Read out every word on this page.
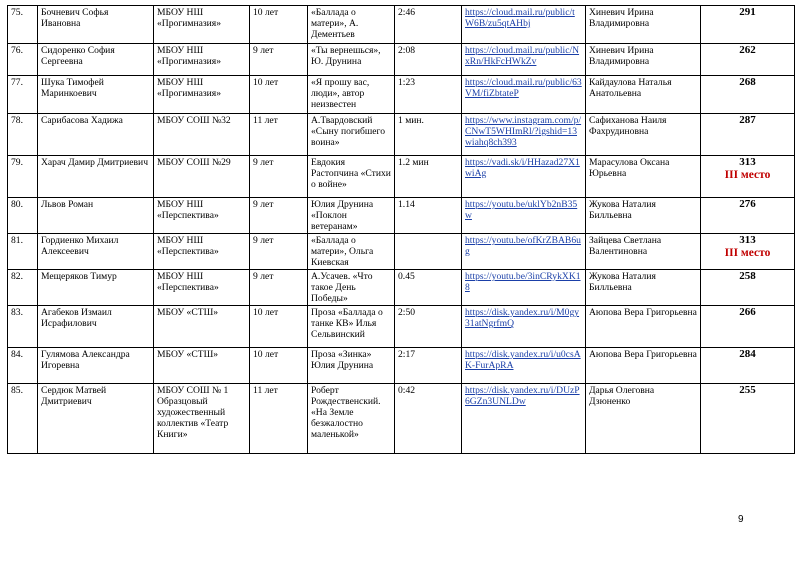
75.	Бочневич Софья Ивановна	МБОУ НШ «Прогимназия»	10 лет	«Баллада о матери», А. Дементьев	2:46	https://cloud.mail.ru/public/tW6B/zu5qtAHbj	Хиневич Ирина Владимировна	291
76.	Сидоренко София Сергеевна	МБОУ НШ «Прогимназия»	9 лет	«Ты вернешься», Ю. Друнина	2:08	https://cloud.mail.ru/public/NxRn/HkFcHWkZv	Хиневич Ирина Владимировна	262
77.	Шука Тимофей Маринкоевич	МБОУ НШ «Прогимназия»	10 лет	«Я прошу вас, люди», автор неизвестен	1:23	https://cloud.mail.ru/public/63VM/fiZbtateP	Кайдаулова Наталья Анатольевна	268
78.	Сарибасова Хадижа	МБОУ СОШ №32	11 лет	А.Твардовский «Сыну погибшего воина»	1 мин.	https://www.instagram.com/p/CNwT5WHImRl/?igshid=13wiahq8ch393	Сафиханова Наиля Фахрудиновна	287
79.	Харач Дамир Дмитриевич	МБОУ СОШ №29	9 лет	Евдокия Растопчина «Стихи о войне»	1.2 мин	https://vadi.sk/i/HHazad27X1wiAg	Марасулова Оксана Юрьевна	313
III место

80.	Львов Роман	МБОУ НШ «Перспектива»	9 лет	Юлия Друнина «Поклон ветеранам»	1.14	https://youtu.be/uklYb2nB35w	Жукова Наталия Билльевна	276
81.	Гордиенко Михаил Алексеевич	МБОУ НШ «Перспектива»	9 лет	«Баллада о матери», Ольга Киевская		https://youtu.be/ofKrZBAB6ug	Зайцева Светлана Валентиновна	313
III место

82.	Мещеряков Тимур	МБОУ НШ «Перспектива»	9 лет	А.Усачев. «Что такое День Победы»	0.45	https://youtu.be/3inCRykXK18	Жукова Наталия Билльевна	258
83.	Агабеков Измаил Исрафилович	МБОУ «СТШ»	10 лет	Проза «Баллада о танке КВ» Илья Сельвинский	2:50	https://disk.yandex.ru/i/M0gy31atNgrfmQ	Аюпова Вера Григорьевна	266
84.	Гулямова Александра Игоревна	МБОУ «СТШ»	10 лет	Проза «Зинка» Юлия Друнина	2:17	https://disk.yandex.ru/i/u0csAK-FurApRA	Аюпова Вера Григорьевна	284
85.	Сердюк Матвей Дмитриевич	МБОУ СОШ № 1 Образцовый художественный коллектив «Театр Книги»	11 лет	Роберт Рождественский. «На Земле безжалостно маленькой»	0:42	https://disk.yandex.ru/i/DUzP6GZn3UNLDw	Дарья Олеговна Дзюненко	255
9
